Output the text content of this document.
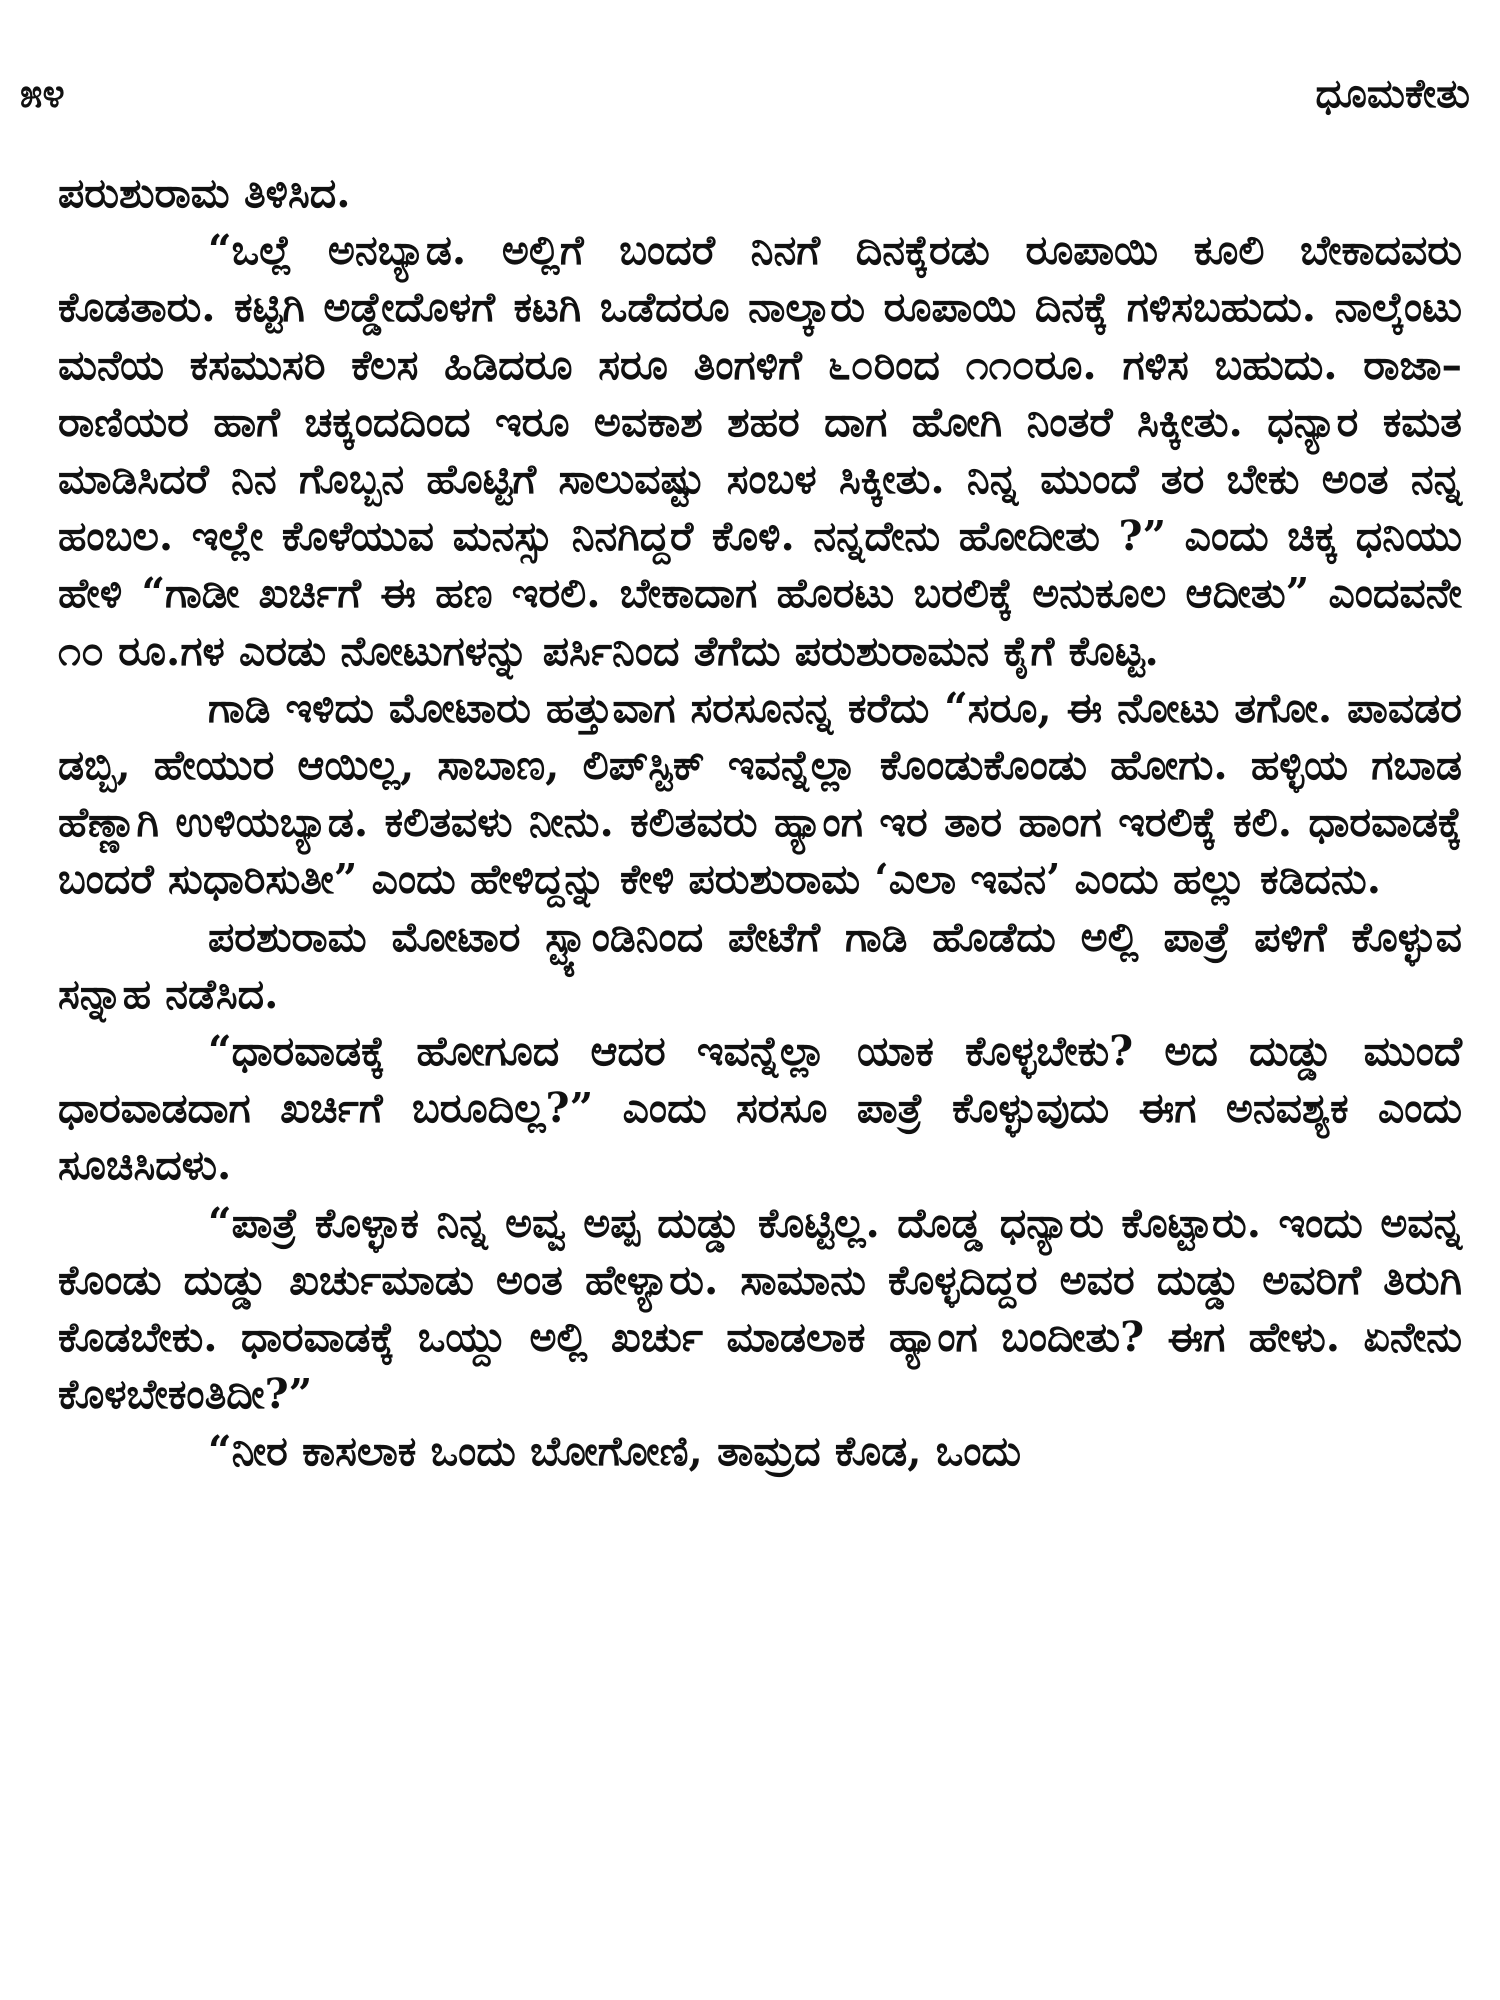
೫೪	ಧೂಮಕೇತು

ಪರುಶುರಾಮ ತಿಳಿಸಿದ.

“ಒಲ್ಲೆ ಅನಬ್ಯಾಡ. ಅಲ್ಲಿಗೆ ಬಂದರೆ ನಿನಗೆ ದಿನಕ್ಕೆರಡು ರೂಪಾಯಿ ಕೂಲಿ ಬೇಕಾದವರು ಕೊಡತಾರು. ಕಟ್ಟಿಗಿ ಅಡ್ಡೇದೊಳಗೆ ಕಟಗಿ ಒಡೆದರೂ ನಾಲ್ಕಾರು ರೂಪಾಯಿ ದಿನಕ್ಕೆ ಗಳಿಸಬಹುದು. ನಾಲ್ಕೆಂಟು ಮನೆಯ ಕಸಮುಸರಿ ಕೆಲಸ ಹಿಡಿದರೂ ಸರೂ ತಿಂಗಳಿಗೆ ೬೦ರಿಂದ ೧೧೦ರೂ. ಗಳಿಸ ಬಹುದು. ರಾಜಾ–ರಾಣಿಯರ ಹಾಗೆ ಚಕ್ಕಂದದಿಂದ ಇರೂ ಅವಕಾಶ ಶಹರ ದಾಗ ಹೋಗಿ ನಿಂತರೆ ಸಿಕ್ಕೀತು. ಧನ್ಯಾರ ಕಮತ ಮಾಡಿಸಿದರೆ ನಿನ ಗೊಬ್ಬನ ಹೊಟ್ಟಿಗೆ ಸಾಲುವಷ್ಟು ಸಂಬಳ ಸಿಕ್ಕೀತು. ನಿನ್ನ ಮುಂದೆ ತರ ಬೇಕು ಅಂತ ನನ್ನ ಹಂಬಲ. ಇಲ್ಲೇ ಕೊಳೆಯುವ ಮನಸ್ಸು ನಿನಗಿದ್ದರೆ ಕೊಳಿ. ನನ್ನದೇನು ಹೋದೀತು ?” ಎಂದು ಚಿಕ್ಕ ಧನಿಯು ಹೇಳಿ “ಗಾಡೀ ಖರ್ಚಿಗೆ ಈ ಹಣ ಇರಲಿ. ಬೇಕಾದಾಗ ಹೊರಟು ಬರಲಿಕ್ಕೆ ಅನುಕೂಲ ಆದೀತು” ಎಂದವನೇ ೧೦ ರೂ.ಗಳ ಎರಡು ನೋಟುಗಳನ್ನು ಪರ್ಸಿನಿಂದ ತೆಗೆದು ಪರುಶುರಾಮನ ಕೈಗೆ ಕೊಟ್ಟ.

ಗಾಡಿ ಇಳಿದು ಮೋಟಾರು ಹತ್ತುವಾಗ ಸರಸೂನನ್ನ ಕರೆದು “ಸರೂ, ಈ ನೋಟು ತಗೋ. ಪಾವಡರ ಡಬ್ಬಿ, ಹೇಯುರ ಆಯಿಲ್ಲ, ಸಾಬಾಣ, ಲಿಪ್‌ಸ್ಟಿಕ್ ಇವನ್ನೆಲ್ಲಾ ಕೊಂಡುಕೊಂಡು ಹೋಗು. ಹಳ್ಳಿಯ ಗಬಾಡ ಹೆಣ್ಣಾಗಿ ಉಳಿಯಬ್ಯಾಡ. ಕಲಿತವಳು ನೀನು. ಕಲಿತವರು ಹ್ಯಾಂಗ ಇರ ತಾರ ಹಾಂಗ ಇರಲಿಕ್ಕೆ ಕಲಿ. ಧಾರವಾಡಕ್ಕೆ ಬಂದರೆ ಸುಧಾರಿಸುತೀ” ಎಂದು ಹೇಳಿದ್ದನ್ನು ಕೇಳಿ ಪರುಶುರಾಮ ‘ಎಲಾ ಇವನ’ ಎಂದು ಹಲ್ಲು ಕಡಿದನು.

ಪರಶುರಾಮ ಮೋಟಾರ ಸ್ಟ್ಯಾಂಡಿನಿಂದ ಪೇಟೆಗೆ ಗಾಡಿ ಹೊಡೆದು ಅಲ್ಲಿ ಪಾತ್ರೆ ಪಳಿಗೆ ಕೊಳ್ಳುವ ಸನ್ನಾಹ ನಡೆಸಿದ.

“ಧಾರವಾಡಕ್ಕೆ ಹೋಗೂದ ಆದರ ಇವನ್ನೆಲ್ಲಾ ಯಾಕ ಕೊಳ್ಳಬೇಕು? ಅದ ದುಡ್ಡು ಮುಂದೆ ಧಾರವಾಡದಾಗ ಖರ್ಚಿಗೆ ಬರೂದಿಲ್ಲ?” ಎಂದು ಸರಸೂ ಪಾತ್ರೆ ಕೊಳ್ಳುವುದು ಈಗ ಅನವಶ್ಯಕ ಎಂದು ಸೂಚಿಸಿದಳು.

“ಪಾತ್ರೆ ಕೊಳ್ಳಾಕ ನಿನ್ನ ಅವ್ವ ಅಪ್ಪ ದುಡ್ಡು ಕೊಟ್ಟಿಲ್ಲ. ದೊಡ್ಡ ಧನ್ಯಾರು ಕೊಟ್ಟಾರು. ಇಂದು ಅವನ್ನ ಕೊಂಡು ದುಡ್ಡು ಖರ್ಚುಮಾಡು ಅಂತ ಹೇಳ್ಯಾರು. ಸಾಮಾನು ಕೊಳ್ಳದಿದ್ದರ ಅವರ ದುಡ್ಡು ಅವರಿಗೆ ತಿರುಗಿ ಕೊಡಬೇಕು. ಧಾರವಾಡಕ್ಕೆ ಒಯ್ದು ಅಲ್ಲಿ ಖರ್ಚು ಮಾಡಲಾಕ ಹ್ಯಾಂಗ ಬಂದೀತು? ಈಗ ಹೇಳು. ಏನೇನು ಕೊಳಬೇಕಂತಿದೀ?”

“ನೀರ ಕಾಸಲಾಕ ಒಂದು ಬೋಗೋಣಿ, ತಾಮ್ರದ ಕೊಡ, ಒಂದು
